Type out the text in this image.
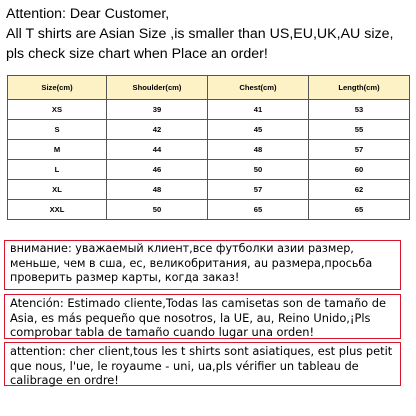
Attention: Dear Customer,
All T shirts are Asian Size ,is smaller than US,EU,UK,AU size,
pls check size chart when Place an order!
Size(cm)	Shoulder(cm)	Chest(cm)	Length(cm)
XS	39	41	53
S	42	45	55
M	44	48	57
L	46	50	60
XL	48	57	62
XXL	50	65	65
внимание: уважаемый клиент,все футболки азии размер, меньше, чем в сша, ес, великобритания, au размера,просьба проверить размер карты, когда заказ!
Atención: Estimado cliente,Todas las camisetas son de tamaño de Asia, es más pequeño que nosotros, la UE, au, Reino Unido,¡Pls comprobar tabla de tamaño cuando lugar una orden!
attention: cher client,tous les t shirts sont asiatiques, est plus petit que nous, l'ue, le royaume - uni, ua,pls vérifier un tableau de calibrage en ordre!
